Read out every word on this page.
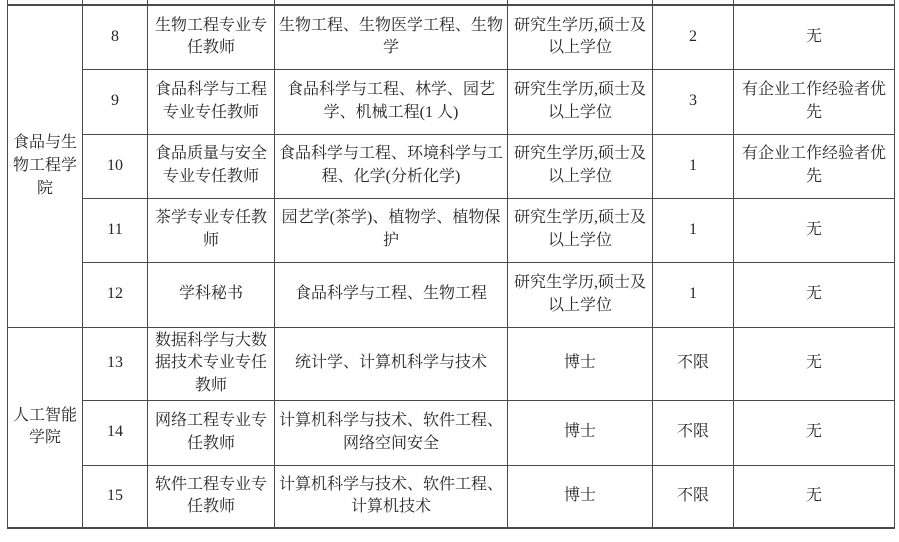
食品与生物工程学院	8	生物工程专业专任教师	生物工程、生物医学工程、生物学	研究生学历,硕士及以上学位	2	无
	9	食品科学与工程专业专任教师	食品科学与工程、林学、园艺学、机械工程(1 人)	研究生学历,硕士及以上学位	3	有企业工作经验者优先
	10	食品质量与安全专业专任教师	食品科学与工程、环境科学与工程、化学(分析化学)	研究生学历,硕士及以上学位	1	有企业工作经验者优先
	11	茶学专业专任教师	园艺学(茶学)、植物学、植物保护	研究生学历,硕士及以上学位	1	无
	12	学科秘书	食品科学与工程、生物工程	研究生学历,硕士及以上学位	1	无
人工智能学院	13	数据科学与大数据技术专业专任教师	统计学、计算机科学与技术	博士	不限	无
	14	网络工程专业专任教师	计算机科学与技术、软件工程、网络空间安全	博士	不限	无
	15	软件工程专业专任教师	计算机科学与技术、软件工程、计算机技术	博士	不限	无
